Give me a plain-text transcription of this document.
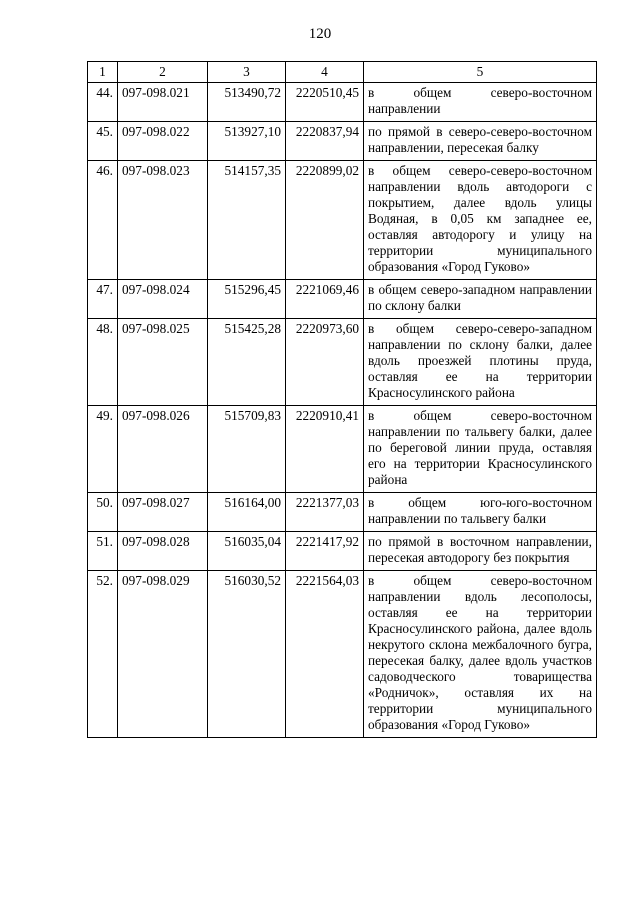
120
1	2	3	4	5
44.	097-098.021	513490,72	2220510,45	в общем северо-восточном направлении
45.	097-098.022	513927,10	2220837,94	по прямой в северо-северо-восточном направлении, пересекая балку
46.	097-098.023	514157,35	2220899,02	в общем северо-северо-восточном направлении вдоль автодороги с покрытием, далее вдоль улицы Водяная, в 0,05 км западнее ее, оставляя автодорогу и улицу на территории муниципального образования «Город Гуково»
47.	097-098.024	515296,45	2221069,46	в общем северо-западном направлении по склону балки
48.	097-098.025	515425,28	2220973,60	в общем северо-северо-западном направлении по склону балки, далее вдоль проезжей плотины пруда, оставляя ее на территории Красносулинского района
49.	097-098.026	515709,83	2220910,41	в общем северо-восточном направлении по тальвегу балки, далее по береговой линии пруда, оставляя его на территории Красносулинского района
50.	097-098.027	516164,00	2221377,03	в общем юго-юго-восточном направлении по тальвегу балки
51.	097-098.028	516035,04	2221417,92	по прямой в восточном направлении, пересекая автодорогу без покрытия
52.	097-098.029	516030,52	2221564,03	в общем северо-восточном направлении вдоль лесополосы, оставляя ее на территории Красносулинского района, далее вдоль некрутого склона межбалочного бугра, пересекая балку, далее вдоль участков садоводческого товарищества «Родничок», оставляя их на территории муниципального образования «Город Гуково»
